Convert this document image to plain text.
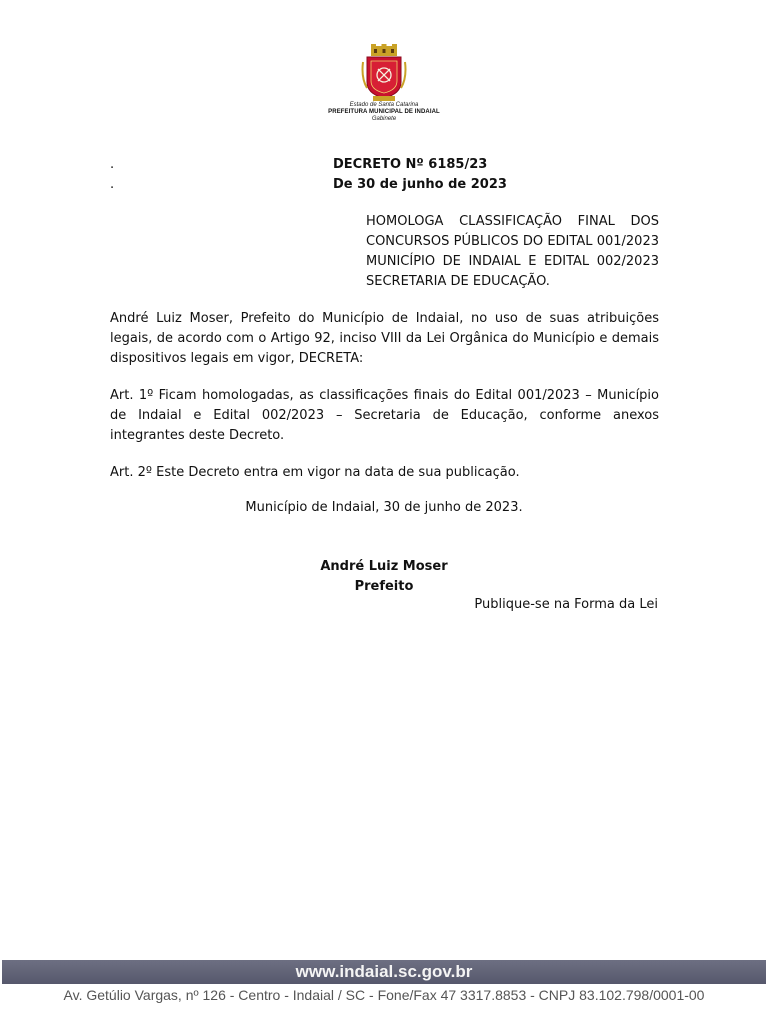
Estado de Santa Catarina
PREFEITURA MUNICIPAL DE INDAIAL
Gabinete
.
.
DECRETO Nº 6185/23
De 30 de junho de 2023
HOMOLOGA CLASSIFICAÇÃO FINAL DOS CONCURSOS PÚBLICOS DO EDITAL 001/2023 MUNICÍPIO DE INDAIAL E EDITAL 002/2023 SECRETARIA DE EDUCAÇÃO.
André Luiz Moser, Prefeito do Município de Indaial, no uso de suas atribuições legais, de acordo com o Artigo 92, inciso VIII da Lei Orgânica do Município e demais dispositivos legais em vigor, DECRETA:
Art. 1º Ficam homologadas, as classificações finais do Edital 001/2023 – Município de Indaial e Edital 002/2023 – Secretaria de Educação, conforme anexos integrantes deste Decreto.
Art. 2º Este Decreto entra em vigor na data de sua publicação.
Município de Indaial, 30 de junho de 2023.
André Luiz Moser
Prefeito
Publique-se na Forma da Lei
www.indaial.sc.gov.br
Av. Getúlio Vargas, nº 126 - Centro - Indaial / SC - Fone/Fax 47 3317.8853 - CNPJ 83.102.798/0001-00
